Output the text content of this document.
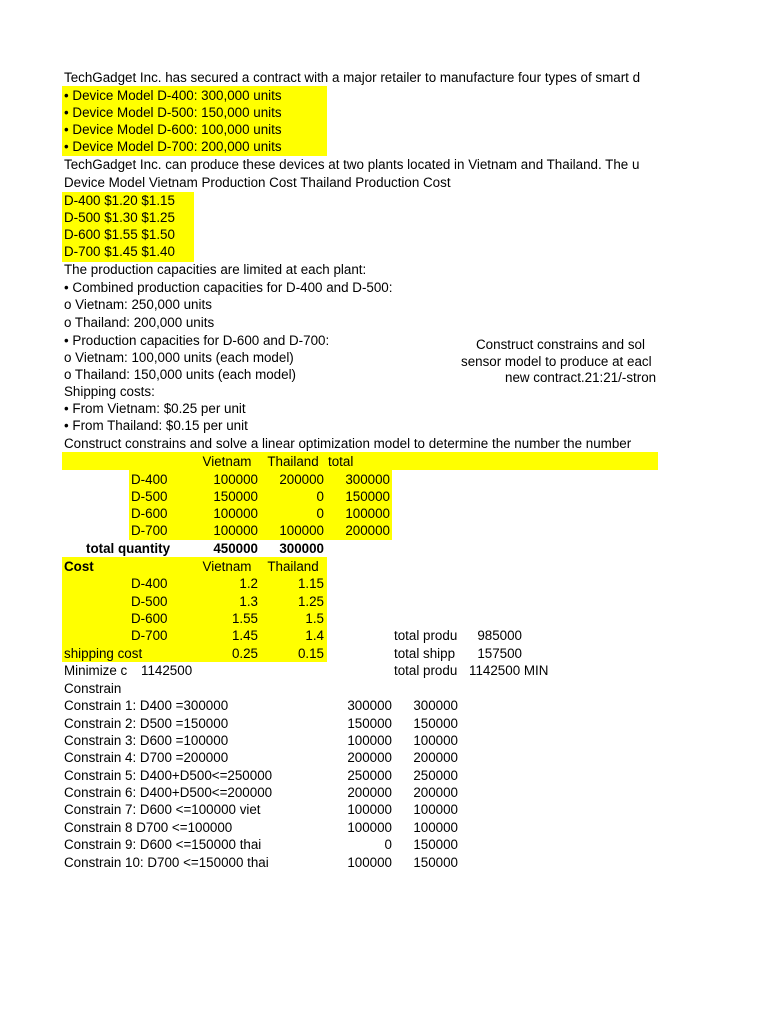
TechGadget Inc. has secured a contract with a major retailer to manufacture four types of smart d
• Device Model D-400: 300,000 units
• Device Model D-500: 150,000 units
• Device Model D-600: 100,000 units
• Device Model D-700: 200,000 units
TechGadget Inc. can produce these devices at two plants located in Vietnam and Thailand. The u
Device Model Vietnam Production Cost Thailand Production Cost
D-400 $1.20 $1.15
D-500 $1.30 $1.25
D-600 $1.55 $1.50
D-700 $1.45 $1.40
The production capacities are limited at each plant:
• Combined production capacities for D-400 and D-500:
o Vietnam: 250,000 units
o Thailand: 200,000 units
• Production capacities for D-600 and D-700:
o Vietnam: 100,000 units (each model)
o Thailand: 150,000 units (each model)
Shipping costs:
• From Vietnam: $0.25 per unit
• From Thailand: $0.15 per unit
Construct constrains and solve a linear optimization model to determine the number the number
Construct constrains and sol
sensor model to produce at eacl
new contract.21:21/-stron
Vietnam	Thailand total
D-400	100000	200000	300000
D-500	150000	0	150000
D-600	100000	0	100000
D-700	100000	100000	200000
total quantity	450000	300000
Cost	Vietnam	Thailand
D-400	1.2	1.15
D-500	1.3	1.25
D-600	1.55	1.5
D-700	1.45	1.4
shipping cost	0.25	0.15
total produ	985000
total shipp	157500
total produ 1142500 MIN
Minimize c 1142500
Constrain
Constrain 1: D400 =300000	300000	300000
Constrain 2: D500 =150000	150000	150000
Constrain 3: D600 =100000	100000	100000
Constrain 4: D700 =200000	200000	200000
Constrain 5: D400+D500<=250000	250000	250000
Constrain 6: D400+D500<=200000	200000	200000
Constrain 7: D600 <=100000 viet	100000	100000
Constrain 8 D700 <=100000	100000	100000
Constrain 9: D600 <=150000 thai	0	150000
Constrain 10: D700 <=150000 thai	100000	150000
